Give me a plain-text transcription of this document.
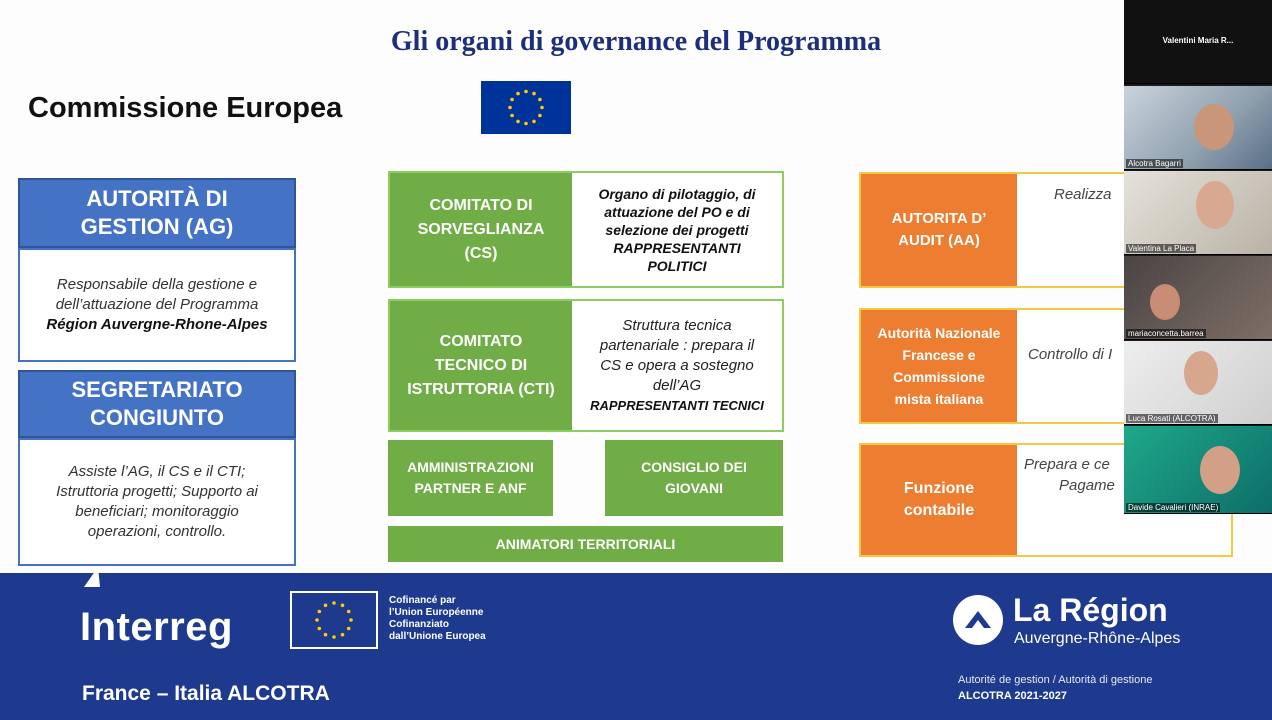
Gli organi di governance del Programma
Commissione Europea
AUTORITÀ DI
GESTION (AG)
Responsabile della gestione e
dell’attuazione del Programma
Région Auvergne-Rhone-Alpes
SEGRETARIATO
CONGIUNTO
Assiste l’AG, il CS e il CTI;
Istruttoria progetti; Supporto ai
beneficiari; monitoraggio
operazioni, controllo.
COMITATO DI
SORVEGLIANZA
(CS)
Organo di pilotaggio, di
attuazione del PO e di
selezione dei progetti
RAPPRESENTANTI
POLITICI
COMITATO
TECNICO DI
ISTRUTTORIA (CTI)
Struttura tecnica
partenariale : prepara il
CS e opera a sostegno
dell’AG
RAPPRESENTANTI TECNICI
AMMINISTRAZIONI
PARTNER E ANF
CONSIGLIO DEI
GIOVANI
ANIMATORI TERRITORIALI
AUTORITA D’
AUDIT (AA)
Realizza
Autorità Nazionale
Francese e
Commissione
mista italiana
Controllo di I
Funzione
contabile
Prepara e ce
Pagame
Interreg
Cofinancé par
l’Union Européenne
Cofinanziato
dall’Unione Europea
France – Italia ALCOTRA
La Région
Auvergne-Rhône-Alpes
Autorité de gestion / Autorità di gestione
ALCOTRA 2021-2027
Valentini Maria R...
Alcotra Bagarri
Valentina La Placa
mariaconcetta.barrea
Luca Rosati (ALCOTRA)
Davide Cavalieri (INRAE)
